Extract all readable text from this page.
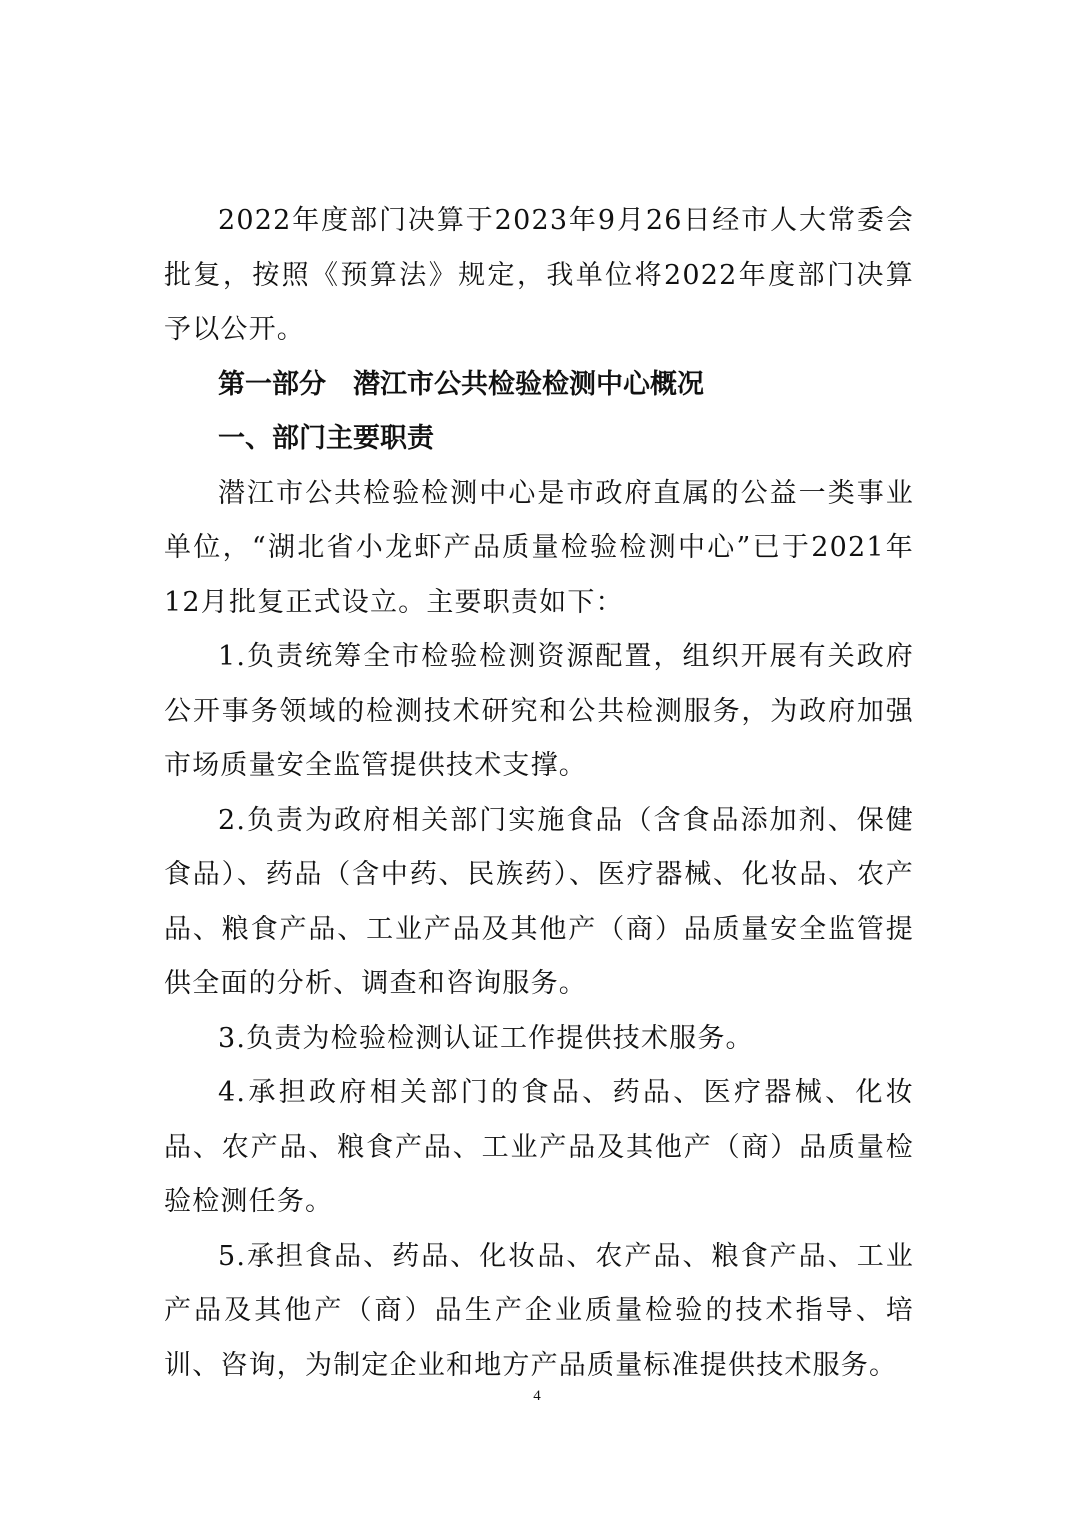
2022年度部门决算于2023年9月26日经市人大常委会批复，按照《预算法》规定，我单位将2022年度部门决算予以公开。

第一部分 潜江市公共检验检测中心概况

一、部门主要职责

潜江市公共检验检测中心是市政府直属的公益一类事业单位，“湖北省小龙虾产品质量检验检测中心”已于2021年12月批复正式设立。主要职责如下：

1.负责统筹全市检验检测资源配置，组织开展有关政府公开事务领域的检测技术研究和公共检测服务，为政府加强市场质量安全监管提供技术支撑。

2.负责为政府相关部门实施食品（含食品添加剂、保健食品）、药品（含中药、民族药）、医疗器械、化妆品、农产品、粮食产品、工业产品及其他产（商）品质量安全监管提供全面的分析、调查和咨询服务。

3.负责为检验检测认证工作提供技术服务。

4.承担政府相关部门的食品、药品、医疗器械、化妆品、农产品、粮食产品、工业产品及其他产（商）品质量检验检测任务。

5.承担食品、药品、化妆品、农产品、粮食产品、工业产品及其他产（商）品生产企业质量检验的技术指导、培训、咨询，为制定企业和地方产品质量标准提供技术服务。

4
